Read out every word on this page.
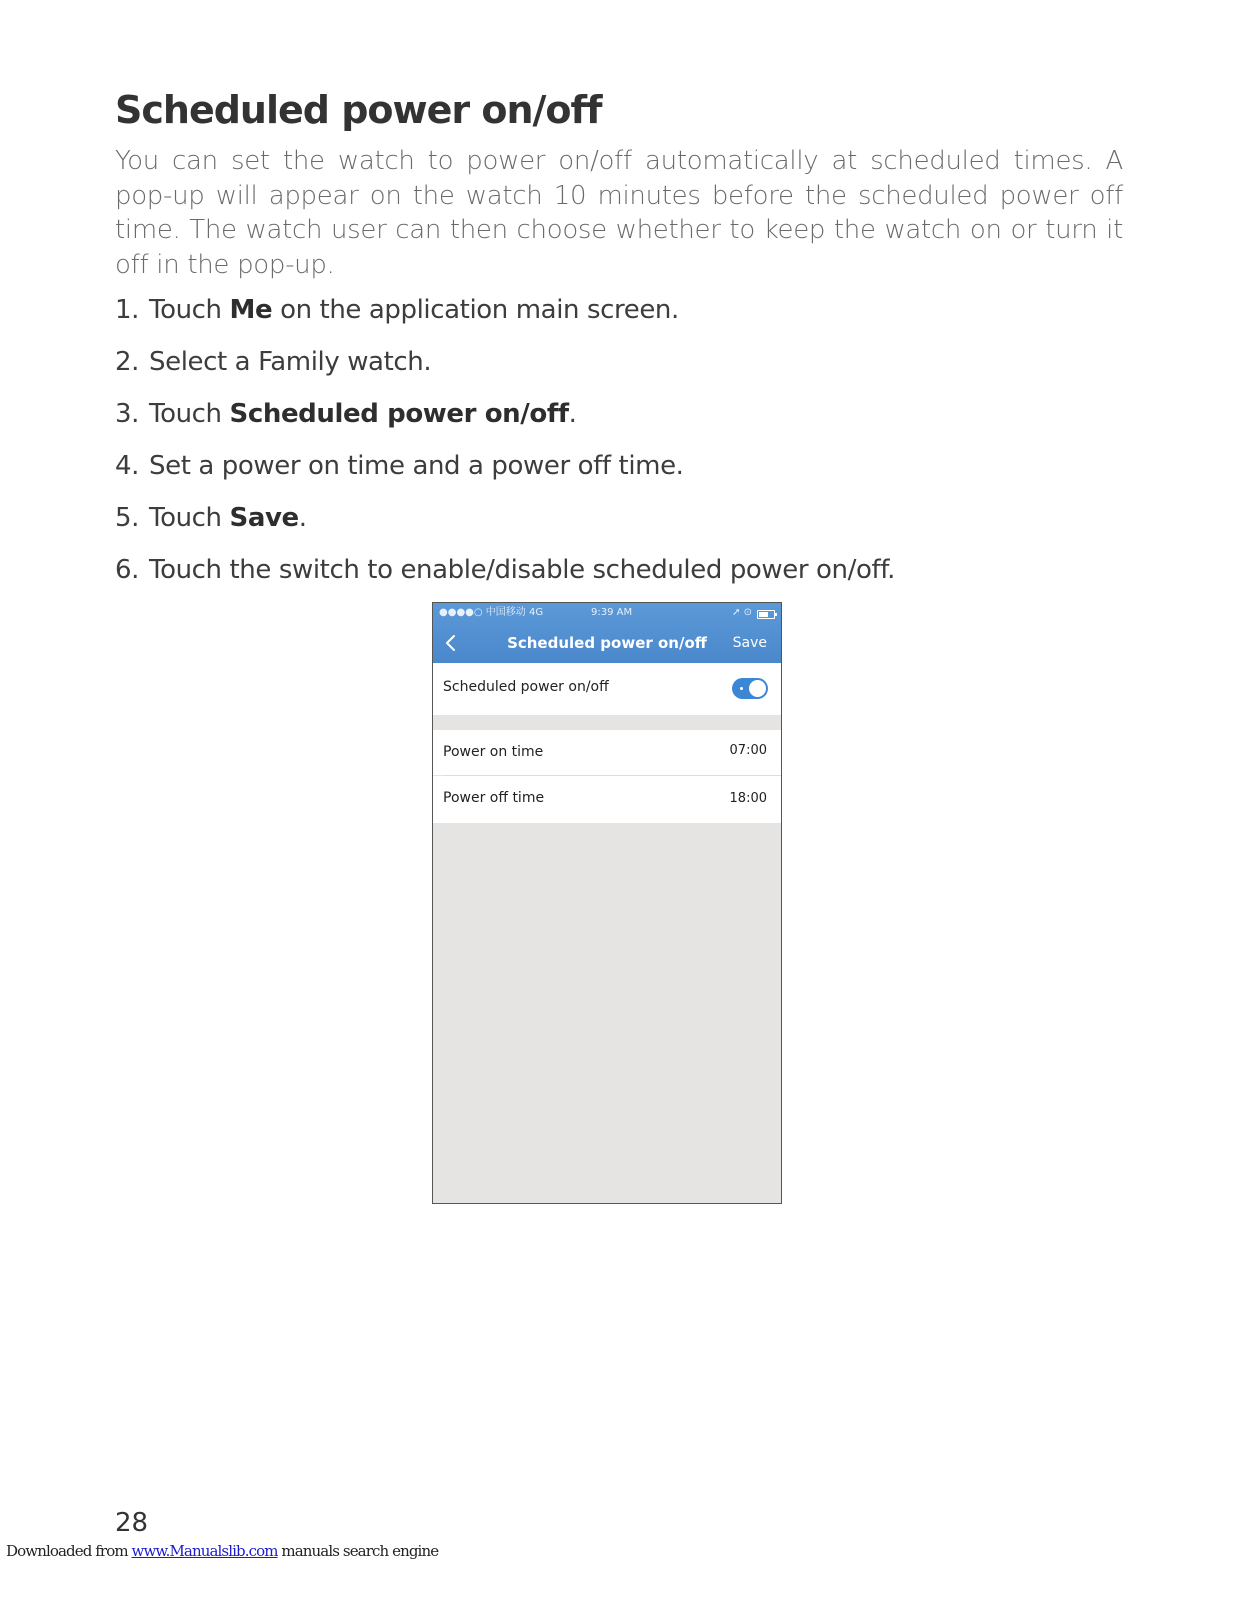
Scheduled power on/off

You can set the watch to power on/off automatically at scheduled times. A pop-up will appear on the watch 10 minutes before the scheduled power off time. The watch user can then choose whether to keep the watch on or turn it off in the pop-up.

1. Touch Me on the application main screen.
2. Select a Family watch.
3. Touch Scheduled power on/off.
4. Set a power on time and a power off time.
5. Touch Save.
6. Touch the switch to enable/disable scheduled power on/off.
●●●●○ 中国移动 4G	9:39 AM	➚ ⊙
Scheduled power on/off	Save
Scheduled power on/off
Power on time	07:00
Power off time	18:00
28
Downloaded from www.Manualslib.com manuals search engine
